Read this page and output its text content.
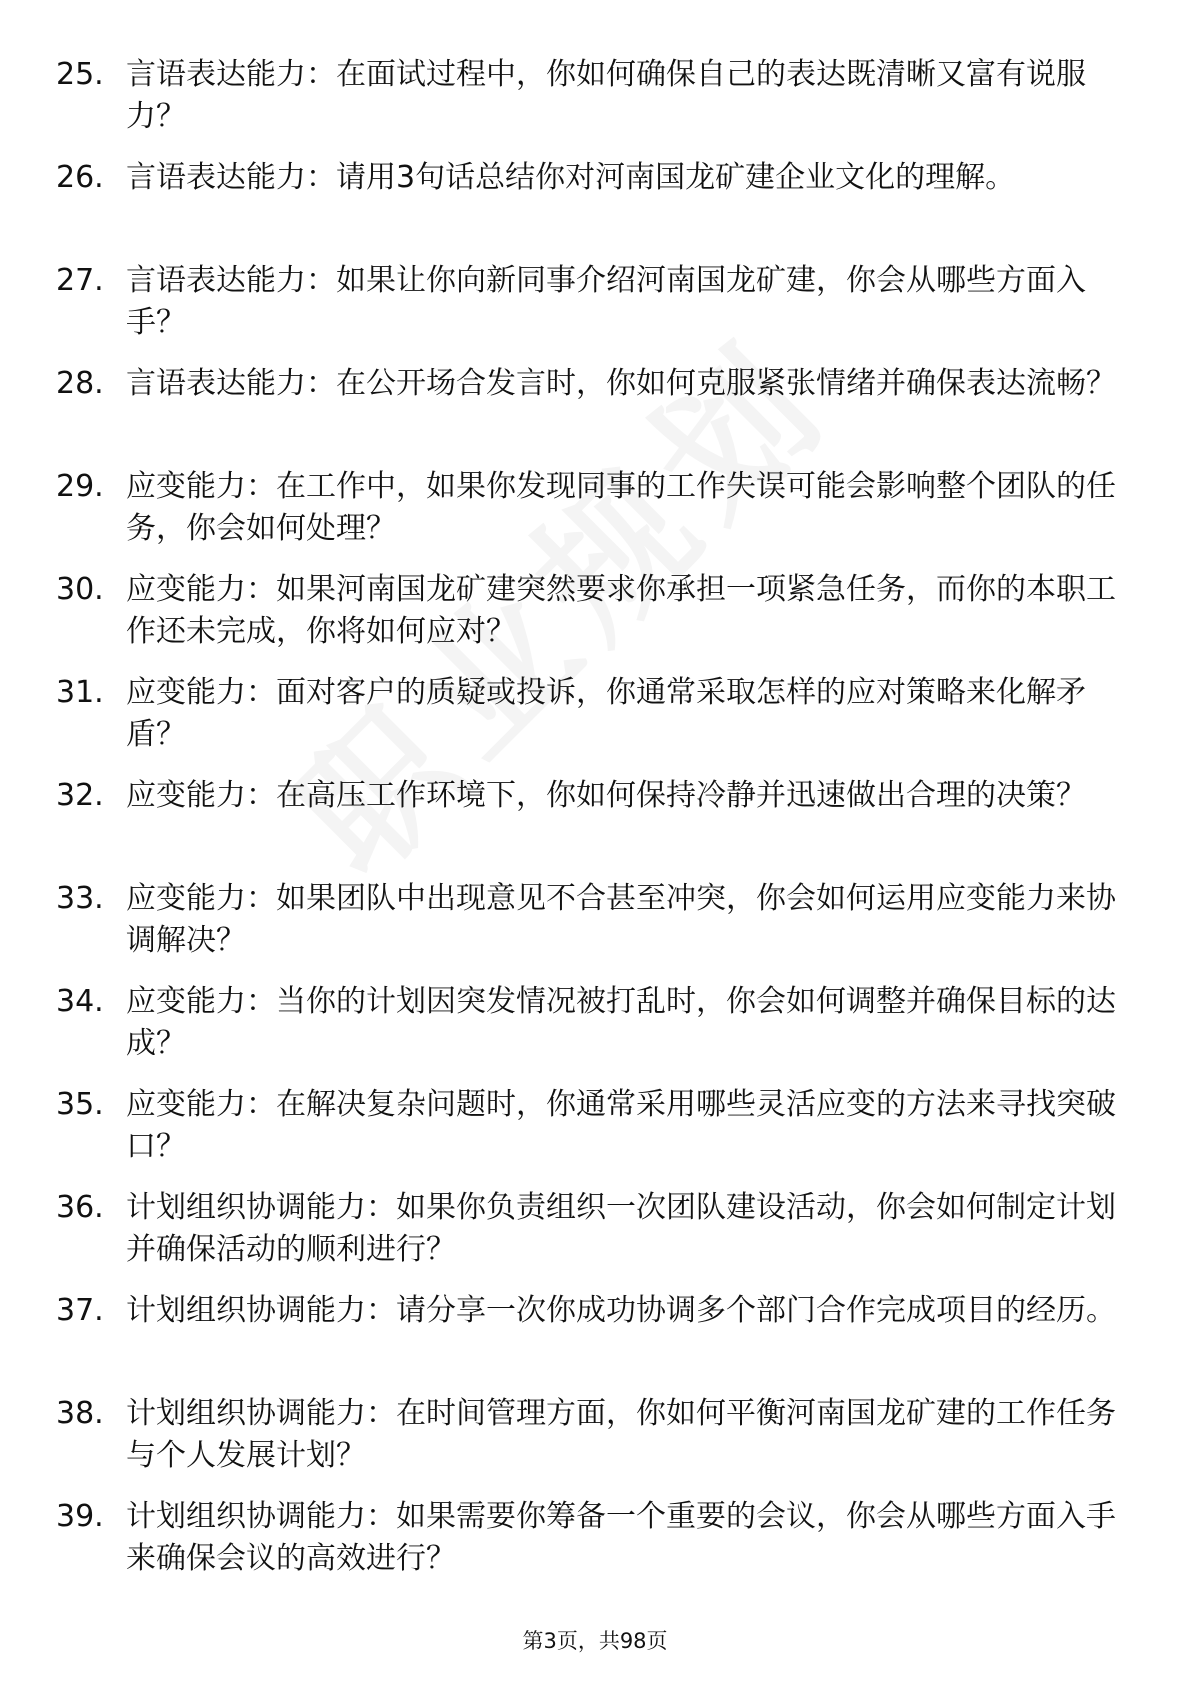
25. 言语表达能力：在面试过程中，你如何确保自己的表达既清晰又富有说服力？
26. 言语表达能力：请用3句话总结你对河南国龙矿建企业文化的理解。
27. 言语表达能力：如果让你向新同事介绍河南国龙矿建，你会从哪些方面入手？
28. 言语表达能力：在公开场合发言时，你如何克服紧张情绪并确保表达流畅？
29. 应变能力：在工作中，如果你发现同事的工作失误可能会影响整个团队的任务，你会如何处理？
30. 应变能力：如果河南国龙矿建突然要求你承担一项紧急任务，而你的本职工作还未完成，你将如何应对？
31. 应变能力：面对客户的质疑或投诉，你通常采取怎样的应对策略来化解矛盾？
32. 应变能力：在高压工作环境下，你如何保持冷静并迅速做出合理的决策？
33. 应变能力：如果团队中出现意见不合甚至冲突，你会如何运用应变能力来协调解决？
34. 应变能力：当你的计划因突发情况被打乱时，你会如何调整并确保目标的达成？
35. 应变能力：在解决复杂问题时，你通常采用哪些灵活应变的方法来寻找突破口？
36. 计划组织协调能力：如果你负责组织一次团队建设活动，你会如何制定计划并确保活动的顺利进行？
37. 计划组织协调能力：请分享一次你成功协调多个部门合作完成项目的经历。
38. 计划组织协调能力：在时间管理方面，你如何平衡河南国龙矿建的工作任务与个人发展计划？
39. 计划组织协调能力：如果需要你筹备一个重要的会议，你会从哪些方面入手来确保会议的高效进行？
第3页，共98页
